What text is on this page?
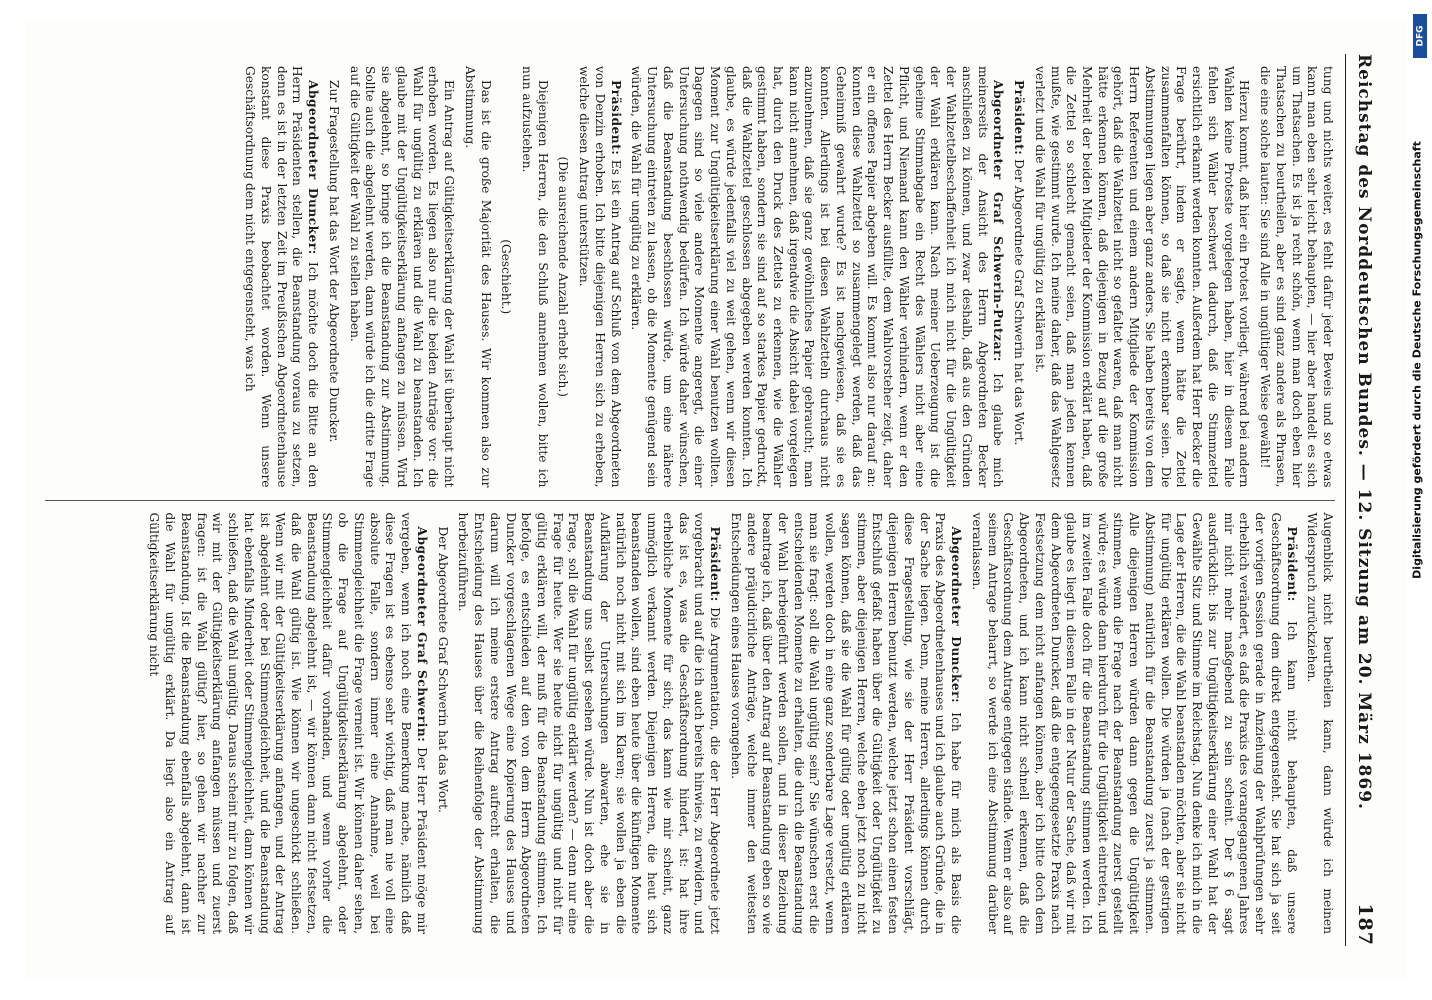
DFG
Digitalisierung gefördert durch die Deutsche Forschungsgemeinschaft
Reichstag des Norddeutschen Bundes. — 12. Sitzung am 20. März 1869.
187

tung und nichts weiter, es fehlt dafür jeder Beweis und so etwas kann man eben sehr leicht behaupten, — hier aber handelt es sich um Thatsachen. Es ist ja recht schön, wenn man doch eben hier Thatsachen zu beurtheilen, aber es sind ganz andere als Phrasen, die eine solche lauten: Sie sind Alle in ungültiger Weise gewählt!

Hierzu kommt, daß hier ein Protest vorliegt, während bei andern Wahlen keine Proteste vorgelegen haben, hier in diesem Falle fehlen sich Wähler beschwert dadurch, daß die Stimmzettel ersichtlich erkannt werden konnten. Außerdem hat Herr Becker die Frage berührt, indem er sagte, wenn hätte die Zettel zusammenfalten können, so daß sie nicht erkennbar seien. Die Abstimmungen liegen aber ganz anders. Sie haben bereits von dem Herrn Referenten und einem andern Mitgliede der Kommission gehört, daß die Wahlzettel nicht so gefaltet waren, daß man nicht hätte erkennen können, daß diejenigen in Bezug auf die große Mehrheit der beiden Mitglieder der Kommission erklärt haben, daß die Zettel so schlecht gemacht seien, daß man jeden kennen mußte, wie gestimmt wurde. Ich meine daher, daß das Wahlgesetz verletzt und die Wahl für ungültig zu erklären ist.

Präsident: Der Abgeordnete Graf Schwerin hat das Wort.

Abgeordneter Graf Schwerin-Putzar: Ich glaube mich meinerseits der Ansicht des Herrn Abgeordneten Becker anschließen zu können, und zwar deshalb, daß aus den Gründen der Wahlzettelbeschaffenheit ich mich nicht für die Ungültigkeit der Wahl erklären kann. Nach meiner Ueberzeugung ist die geheime Stimmabgabe ein Recht des Wählers nicht aber eine Pflicht, und Niemand kann den Wähler verhindern, wenn er den Zettel des Herrn Becker ausfüllte, dem Wahlvorsteher zeigt, daher er ein offenes Papier abgeben will. Es kommt also nur darauf an: konnten diese Wahlzettel so zusammengelegt werden, daß das Geheimniß gewahrt wurde? Es ist nachgewiesen, daß sie es konnten. Allerdings ist bei diesen Wahlzetteln durchaus nicht anzunehmen, daß sie ganz gewöhnliches Papier gebraucht; man kann nicht annehmen, daß irgendwie die Absicht dabei vorgelegen hat, durch den Druck des Zettels zu erkennen, wie die Wähler gestimmt haben, sondern sie sind auf so starkes Papier gedruckt, daß die Wahlzettel geschlossen abgegeben werden konnten. Ich glaube, es würde jedenfalls viel zu weit gehen, wenn wir diesen Moment zur Ungültigkeitserklärung einer Wahl benutzen wollten. Dagegen sind so viele andere Momente angeregt, die einer Untersuchung nothwendig bedürfen. Ich würde daher wünschen, daß die Beanstandung beschlossen würde, um eine nähere Untersuchung eintreten zu lassen, ob die Momente genügend sein würden, die Wahl für ungültig zu erklären.

Präsident: Es ist ein Antrag auf Schluß von dem Abgeordneten von Denzin erhoben. Ich bitte diejenigen Herren sich zu erheben, welche diesen Antrag unterstützen.

(Die ausreichende Anzahl erhebt sich.)

Diejenigen Herren, die den Schluß annehmen wollen, bitte ich nun aufzustehen.

(Geschieht.)

Das ist die große Majorität des Hauses. Wir kommen also zur Abstimmung.

Ein Antrag auf Gültigkeitserklärung der Wahl ist überhaupt nicht erhoben worden. Es liegen also nur die beiden Anträge vor: die Wahl für ungültig zu erklären und die Wahl zu beanstanden. Ich glaube mit der Ungültigkeitserklärung anfangen zu müssen. Wird sie abgelehnt, so bringe ich die Beanstandung zur Abstimmung. Sollte auch die abgelehnt werden, dann würde ich die dritte Frage auf die Gültigkeit der Wahl zu stellen haben.

Zur Fragestellung hat das Wort der Abgeordnete Duncker.

Abgeordneter Duncker: Ich möchte doch die Bitte an den Herrn Präsidenten stellen, die Beanstandung voraus zu setzen, denn es ist in der letzten Zeit im Preußischen Abgeordnetenhause konstant diese Praxis beobachtet worden. Wenn unsere Geschäftsordnung dem nicht entgegensteht, was ich

Augenblick nicht beurtheilen kann, dann würde ich meinen Widerspruch zurückziehen.

Präsident: Ich kann nicht behaupten, daß unsere Geschäftsordnung dem direkt entgegensteht. Sie hat sich ja seit der vorigen Session gerade in Anziehung der Wahlprüfungen sehr erheblich verändert, es daß die Praxis des vorangegangenen Jahres mir nicht mehr maßgebend zu sein scheint. Der § 6 sagt ausdrücklich: bis zur Ungültigkeitserklärung einer Wahl hat der Gewählte Sitz und Stimme im Reichstag. Nun denke ich mich in die Lage der Herren, die die Wahl beanstanden möchten, aber sie nicht für ungültig erklären wollen. Die würden ja (nach der gestrigen Abstimmung) natürlich für die Beanstandung zuerst ja stimmen. Alle diejenigen Herren würden dann gegen die Ungültigkeit stimmen, wenn die Frage nach der Beanstandung zuerst gestellt würde; es würde dann hierdurch für die Ungültigkeit eintreten, und im zweiten Falle doch für die Beanstandung stimmen werden. Ich glaube es liegt in diesem Falle in der Natur der Sache, daß wir mit dem Abgeordneten Duncker, daß die entgegengesetzte Praxis nach Festsetzung dem nicht anfangen können, aber ich bitte doch dem Abgeordneten, und ich kann nicht schnell erkennen, daß die Geschäftsordnung dem Antrage entgegen stände. Wenn er also auf seinem Antrage beharrt, so werde ich eine Abstimmung darüber veranlassen.

Abgeordneter Duncker: Ich habe für mich als Basis die Praxis des Abgeordnetenhauses und ich glaube auch Gründe, die in der Sache liegen. Denn, meine Herren, allerdings können durch diese Fragestellung, wie sie der Herr Präsident vorschlägt, diejenigen Herren benutzt werden, welche jetzt schon einen festen Entschluß gefaßt haben über die Gültigkeit oder Ungültigkeit zu stimmen, aber diejenigen Herren, welche eben jetzt noch zu nicht sagen können, daß sie die Wahl für gültig oder ungültig erklären wollen, werden doch in eine ganz sonderbare Lage versetzt, wenn man sie fragt: soll die Wahl ungültig sein? Sie wünschen erst die entscheidenden Momente zu erhalten, die durch die Beanstandung der Wahl herbeigeführt werden sollen, und in dieser Beziehung beantrage ich, daß über den Antrag auf Beanstandung eben so wie andere präjudicirliche Anträge, welche immer den weitesten Entscheidungen eines Hauses vorangehen.

Präsident: Die Argumentation, die der Herr Abgeordnete jetzt vorgebracht und auf die ich auch bereits hinwies, zu erwidern, und das ist es, was die Geschäftsordnung hindert, ist: hat ihre erhebliche Momente für sich; das kann wie mir scheint, ganz unmöglich verkannt werden. Diejenigen Herren, die heut sich beanstanden wollen, sind eben heute über die künftigen Momente natürlich noch nicht mit sich im Klaren; sie wollen ja eben die Aufklärung der Untersuchungen abwarten, ehe sie in Beanstandung uns selbst gesehen würde. Nun ist doch aber die Frage, soll die Wahl für ungültig erklärt werden? — denn nur eine Frage für heute. Wer sie heute nicht für ungültig und nicht für gültig erklären will, der muß für die Beanstandung stimmen. Ich befolge, es entschieden auf den von dem Herrn Abgeordneten Duncker vorgeschlagenen Wege eine Kopierung des Hauses und darum will ich meine erstere Antrag aufrecht erhalten, die Entscheidung des Hauses über die Reihenfolge der Abstimmung herbeizuführen.

Der Abgeordnete Graf Schwerin hat das Wort.

Abgeordneter Graf Schwerin: Der Herr Präsident möge mir vergeben, wenn ich noch eine Bemerkung mache, nämlich daß diese Fragen ist es ebenso sehr wichtig, daß man nie voll eine absolute Falle, sondern immer eine Annahme, weil bei Stimmengleichheit die Frage verneint ist. Wir können daher sehen, ob die Frage auf Ungültigkeitserklärung abgelehnt, oder Stimmengleichheit dafür vorhanden, und wenn vorher die Beanstandung abgelehnt ist, — wir können dann nicht festsetzen, daß die Wahl gültig ist. Wie können wir ungeschickt schließen. Wenn wir mit der Gültigkeitserklärung anfangen, und der Antrag ist abgelehnt oder bei Stimmengleichheit, und die Beanstandung hat ebenfalls Minderheit oder Stimmengleichheit, dann können wir schließen, daß die Wahl ungültig. Daraus scheint mir zu folgen, daß wir mit der Gültigkeitserklärung anfangen müssen und zuerst fragen: ist die Wahl gültig? hier, so gehen wir nachher zur Beanstandung. Ist die Beanstandung ebenfalls abgelehnt, dann ist die Wahl für ungültig erklärt. Da liegt also ein Antrag auf Gültigkeitserklärung nicht
